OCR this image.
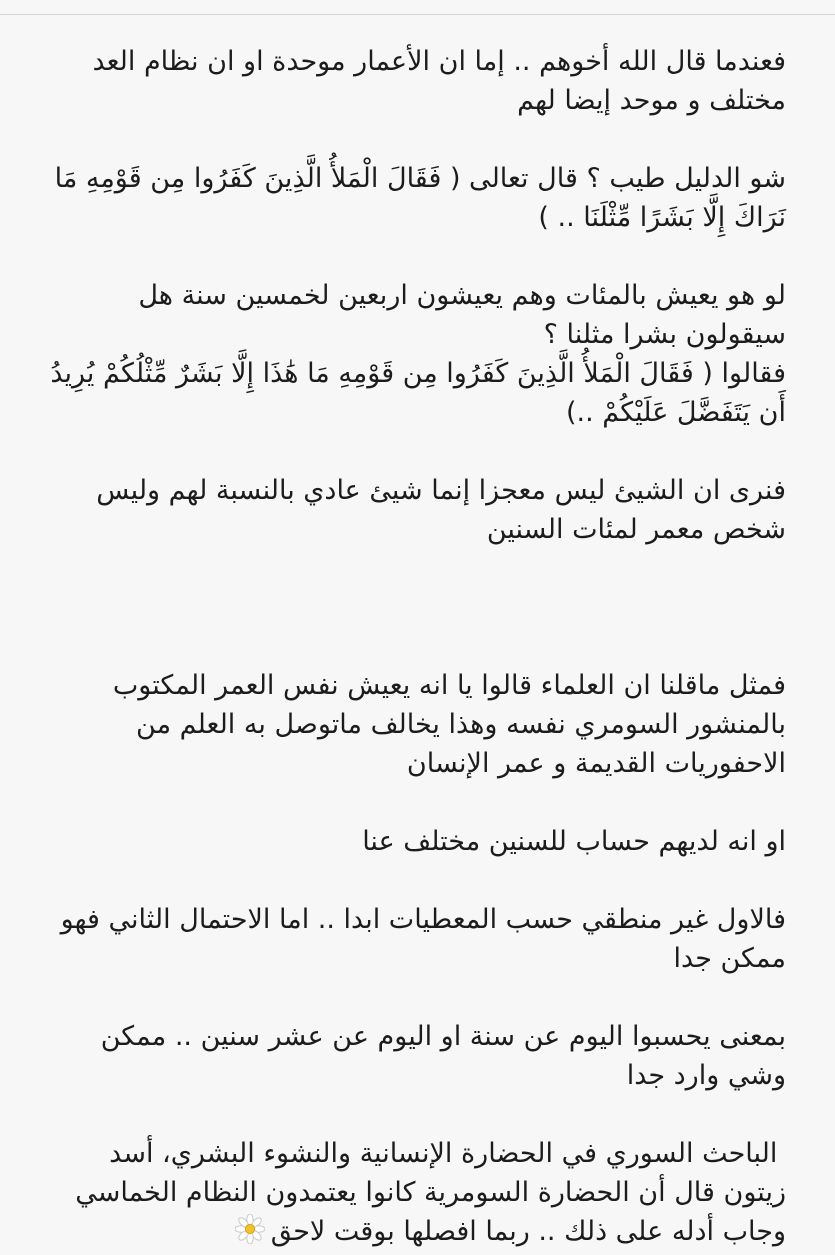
فعندما قال الله أخوهم .. إما ان الأعمار موحدة او ان نظام العد
مختلف و موحد إيضا لهم

شو الدليل طيب ؟ قال تعالى ( فَقَالَ الْمَلأُ الَّذِينَ كَفَرُوا مِن قَوْمِهِ مَا
نَرَاكَ إِلَّا بَشَرًا مِّثْلَنَا .. )

لو هو يعيش بالمئات وهم يعيشون اربعين لخمسين سنة هل
سيقولون بشرا مثلنا ؟
فقالوا ( فَقَالَ الْمَلأُ الَّذِينَ كَفَرُوا مِن قَوْمِهِ مَا هَٰذَا إِلَّا بَشَرٌ مِّثْلُكُمْ يُرِيدُ
أَن يَتَفَضَّلَ عَلَيْكُمْ ..)

فنرى ان الشيئ ليس معجزا إنما شيئ عادي بالنسبة لهم وليس
شخص معمر لمئات السنين

فمثل ماقلنا ان العلماء قالوا يا انه يعيش نفس العمر المكتوب
بالمنشور السومري نفسه وهذا يخالف ماتوصل به العلم من
الاحفوريات القديمة و عمر الإنسان

او انه لديهم حساب للسنين مختلف عنا

فالاول غير منطقي حسب المعطيات ابدا .. اما الاحتمال الثاني فهو
ممكن جدا

بمعنى يحسبوا اليوم عن سنة او اليوم عن عشر سنين .. ممكن
وشي وارد جدا

الباحث السوري في الحضارة الإنسانية والنشوء البشري، أسد
زيتون قال أن الحضارة السومرية كانوا يعتمدون النظام الخماسي
وجاب أدله على ذلك .. ربما افصلها بوقت لاحق
